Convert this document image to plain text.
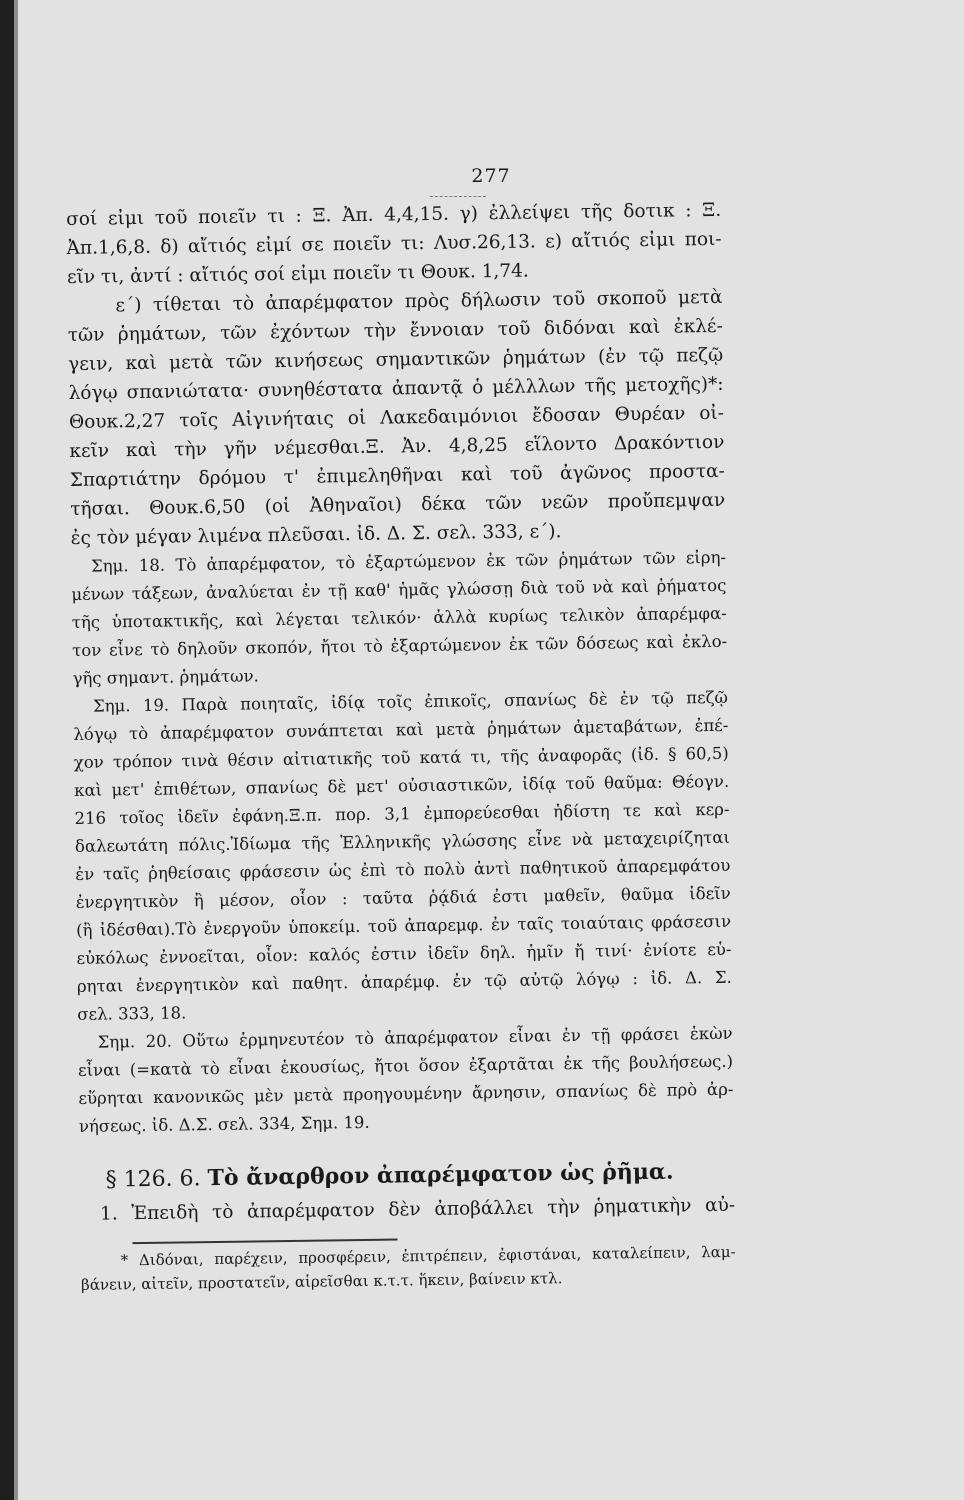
277
σοί εἰμι τοῦ ποιεῖν τι : Ξ. Ἀπ. 4,4,15. γ) ἐλλείψει τῆς δοτικ : Ξ.
Ἀπ.1,6,8. δ) αἴτιός εἰμί σε ποιεῖν τι: Λυσ.26,13. ε) αἴτιός εἰμι ποι-
εῖν τι, ἀντί : αἴτιός σοί εἰμι ποιεῖν τι Θουκ. 1,74.
ε΄) τίθεται τὸ ἀπαρέμφατον πρὸς δήλωσιν τοῦ σκοποῦ μετὰ
τῶν ῥημάτων, τῶν ἐχόντων τὴν ἔννοιαν τοῦ διδόναι καὶ ἐκλέ-
γειν, καὶ μετὰ τῶν κινήσεως σημαντικῶν ῥημάτων (ἐν τῷ πεζῷ
λόγῳ σπανιώτατα· συνηθέστατα ἀπαντᾷ ὁ μέλλλων τῆς μετοχῆς)*:
Θουκ.2,27 τοῖς Αἰγινήταις οἱ Λακεδαιμόνιοι ἔδοσαν Θυρέαν οἰ-
κεῖν καὶ τὴν γῆν νέμεσθαι.Ξ. Ἀν. 4,8,25 εἵλοντο Δρακόντιον
Σπαρτιάτην δρόμου τ' ἐπιμεληθῆναι καὶ τοῦ ἀγῶνος προστα-
τῆσαι. Θουκ.6,50 (οἱ Ἀθηναῖοι) δέκα τῶν νεῶν προὔπεμψαν
ἐς τὸν μέγαν λιμένα πλεῦσαι. ἰδ. Δ. Σ. σελ. 333, ε΄).
Σημ. 18. Τὸ ἀπαρέμφατον, τὸ ἐξαρτώμενον ἐκ τῶν ῥημάτων τῶν εἰρη-
μένων τάξεων, ἀναλύεται ἐν τῇ καθ' ἡμᾶς γλώσσῃ διὰ τοῦ νὰ καὶ ῥήματος
τῆς ὑποτακτικῆς, καὶ λέγεται τελικόν· ἀλλὰ κυρίως τελικὸν ἀπαρέμφα-
τον εἶνε τὸ δηλοῦν σκοπόν, ἤτοι τὸ ἐξαρτώμενον ἐκ τῶν δόσεως καὶ ἐκλο-
γῆς σημαντ. ῥημάτων.
Σημ. 19. Παρὰ ποιηταῖς, ἰδίᾳ τοῖς ἐπικοῖς, σπανίως δὲ ἐν τῷ πεζῷ
λόγῳ τὸ ἀπαρέμφατον συνάπτεται καὶ μετὰ ῥημάτων ἀμεταβάτων, ἐπέ-
χον τρόπον τινὰ θέσιν αἰτιατικῆς τοῦ κατά τι, τῆς ἀναφορᾶς (ἰδ. § 60,5)
καὶ μετ' ἐπιθέτων, σπανίως δὲ μετ' οὐσιαστικῶν, ἰδίᾳ τοῦ θαῦμα: Θέογν.
216 τοῖος ἰδεῖν ἐφάνη.Ξ.π. πορ. 3,1 ἐμπορεύεσθαι ἡδίστη τε καὶ κερ-
δαλεωτάτη πόλις.Ἰδίωμα τῆς Ἑλληνικῆς γλώσσης εἶνε νὰ μεταχειρίζηται
ἐν ταῖς ῥηθείσαις φράσεσιν ὡς ἐπὶ τὸ πολὺ ἀντὶ παθητικοῦ ἀπαρεμφάτου
ἐνεργητικὸν ἢ μέσον, οἷον : ταῦτα ῥᾴδιά ἐστι μαθεῖν, θαῦμα ἰδεῖν
(ἢ ἰδέσθαι).Τὸ ἐνεργοῦν ὑποκείμ. τοῦ ἀπαρεμφ. ἐν ταῖς τοιαύταις φράσεσιν
εὐκόλως ἐννοεῖται, οἷον: καλός ἐστιν ἰδεῖν δηλ. ἡμῖν ἤ τινί· ἐνίοτε εὑ-
ρηται ἐνεργητικὸν καὶ παθητ. ἀπαρέμφ. ἐν τῷ αὐτῷ λόγῳ : ἰδ. Δ. Σ.
σελ. 333, 18.
Σημ. 20. Οὕτω ἑρμηνευτέον τὸ ἀπαρέμφατον εἶναι ἐν τῇ φράσει ἑκὼν
εἶναι (=κατὰ τὸ εἶναι ἑκουσίως, ἤτοι ὅσον ἐξαρτᾶται ἐκ τῆς βουλήσεως.)
εὕρηται κανονικῶς μὲν μετὰ προηγουμένην ἄρνησιν, σπανίως δὲ πρὸ ἀρ-
νήσεως. ἰδ. Δ.Σ. σελ. 334, Σημ. 19.
§ 126. 6. Τὸ ἄναρθρον ἀπαρέμφατον ὡς ῥῆμα.
1. Ἐπειδὴ τὸ ἀπαρέμφατον δὲν ἀποβάλλει τὴν ῥηματικὴν αὐ-
* Διδόναι, παρέχειν, προσφέρειν, ἐπιτρέπειν, ἐφιστάναι, καταλείπειν, λαμ-
βάνειν, αἰτεῖν, προστατεῖν, αἱρεῖσθαι κ.τ.τ. ἥκειν, βαίνειν κτλ.
